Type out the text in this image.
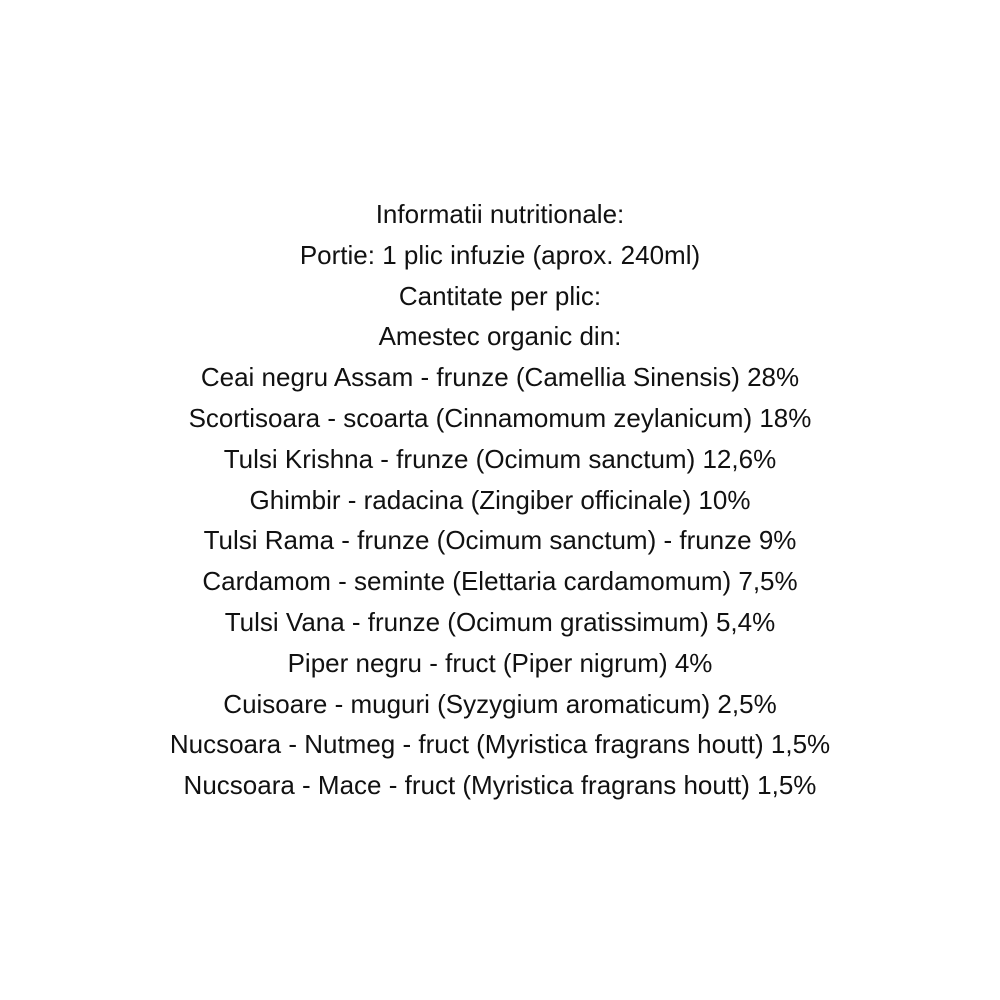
Informatii nutritionale:
Portie: 1 plic infuzie (aprox. 240ml)
Cantitate per plic:
Amestec organic din:
Ceai negru Assam - frunze (Camellia Sinensis) 28%
Scortisoara - scoarta (Cinnamomum zeylanicum) 18%
Tulsi Krishna - frunze (Ocimum sanctum) 12,6%
Ghimbir - radacina (Zingiber officinale) 10%
Tulsi Rama - frunze (Ocimum sanctum) - frunze 9%
Cardamom - seminte (Elettaria cardamomum) 7,5%
Tulsi Vana - frunze (Ocimum gratissimum) 5,4%
Piper negru - fruct (Piper nigrum) 4%
Cuisoare - muguri (Syzygium aromaticum) 2,5%
Nucsoara - Nutmeg - fruct (Myristica fragrans houtt) 1,5%
Nucsoara - Mace - fruct (Myristica fragrans houtt) 1,5%
